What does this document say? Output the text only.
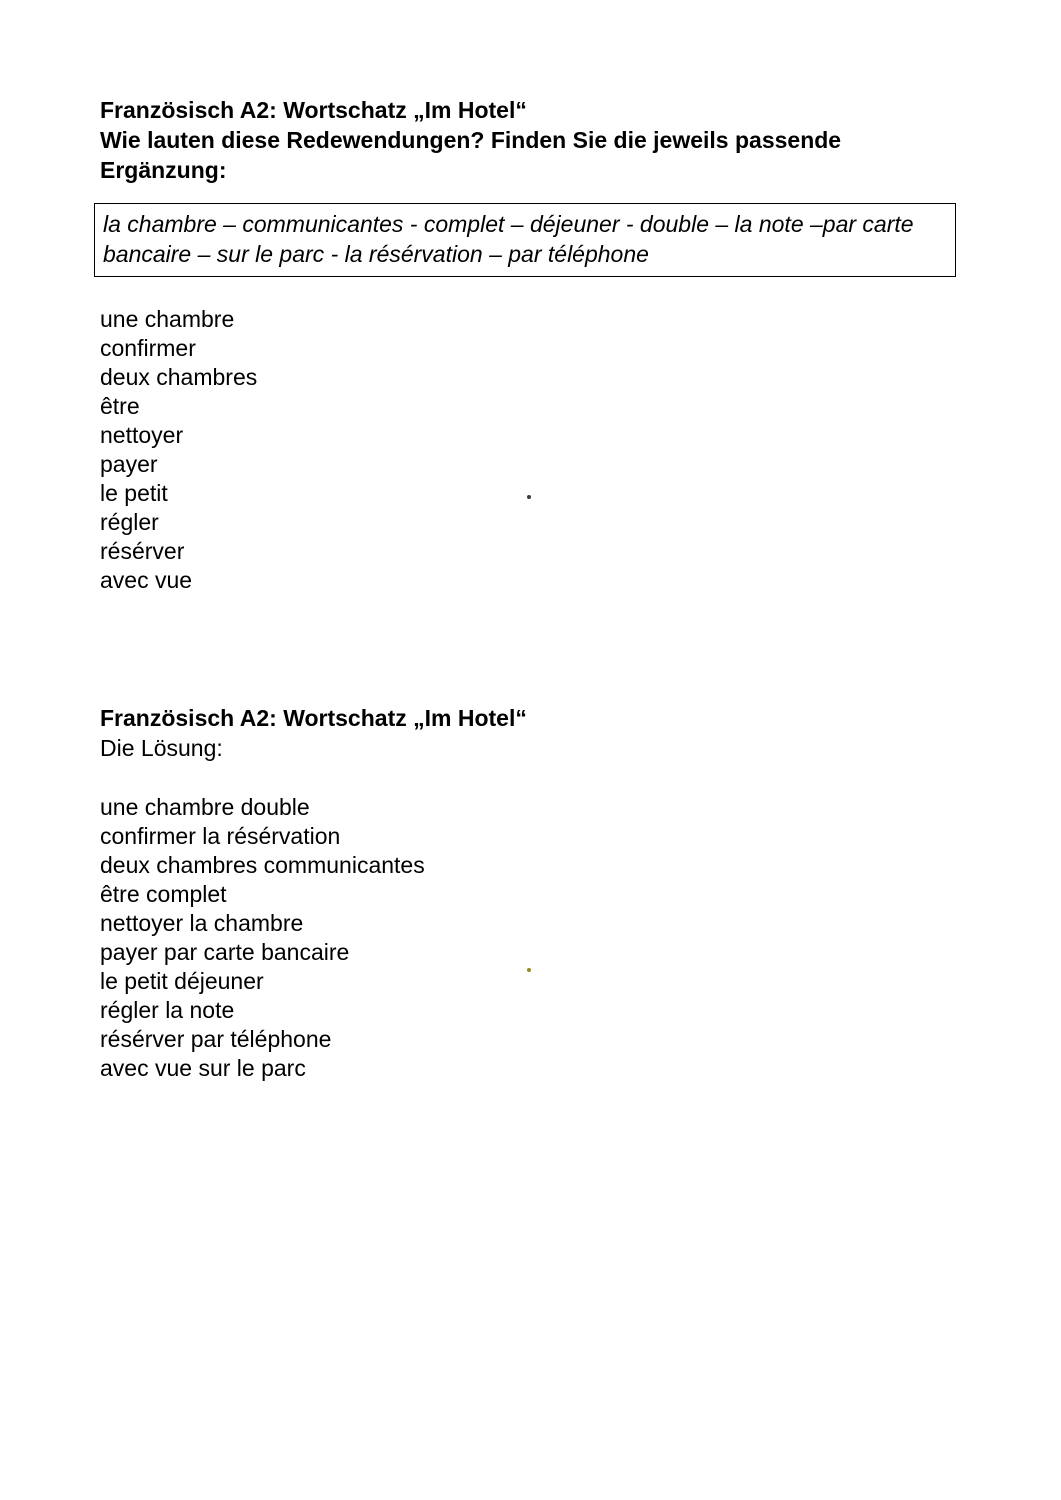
Französisch A2: Wortschatz „Im Hotel“
Wie lauten diese Redewendungen? Finden Sie die jeweils passende
Ergänzung:
la chambre – communicantes - complet – déjeuner - double – la note –par carte bancaire – sur le parc - la résérvation – par téléphone
une chambre
confirmer
deux chambres
être
nettoyer
payer
le petit
régler
résérver
avec vue
Französisch A2: Wortschatz „Im Hotel“
Die Lösung:
une chambre double
confirmer la résérvation
deux chambres communicantes
être complet
nettoyer la chambre
payer par carte bancaire
le petit déjeuner
régler la note
résérver par téléphone
avec vue sur le parc
